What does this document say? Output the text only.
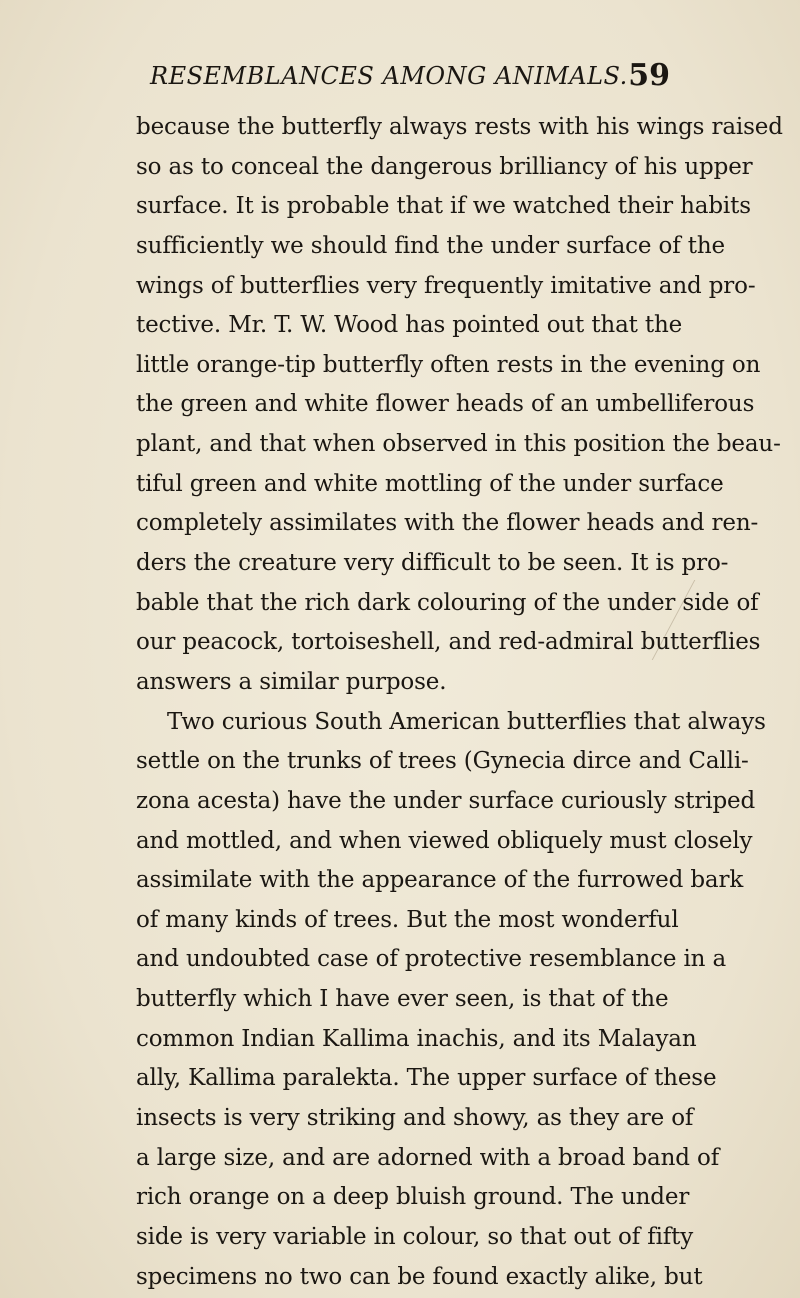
RESEMBLANCES AMONG ANIMALS. 59
because the butterfly always rests with his wings raised
so as to conceal the dangerous brilliancy of his upper
surface. It is probable that if we watched their habits
sufficiently we should find the under surface of the
wings of butterflies very frequently imitative and pro-
tective. Mr. T. W. Wood has pointed out that the
little orange-tip butterfly often rests in the evening on
the green and white flower heads of an umbelliferous
plant, and that when observed in this position the beau-
tiful green and white mottling of the under surface
completely assimilates with the flower heads and ren-
ders the creature very difficult to be seen. It is pro-
bable that the rich dark colouring of the under side of
our peacock, tortoiseshell, and red-admiral butterflies
answers a similar purpose.
Two curious South American butterflies that always
settle on the trunks of trees (Gynecia dirce and Calli-
zona acesta) have the under surface curiously striped
and mottled, and when viewed obliquely must closely
assimilate with the appearance of the furrowed bark
of many kinds of trees. But the most wonderful
and undoubted case of protective resemblance in a
butterfly which I have ever seen, is that of the
common Indian Kallima inachis, and its Malayan
ally, Kallima paralekta. The upper surface of these
insects is very striking and showy, as they are of
a large size, and are adorned with a broad band of
rich orange on a deep bluish ground. The under
side is very variable in colour, so that out of fifty
specimens no two can be found exactly alike, but
